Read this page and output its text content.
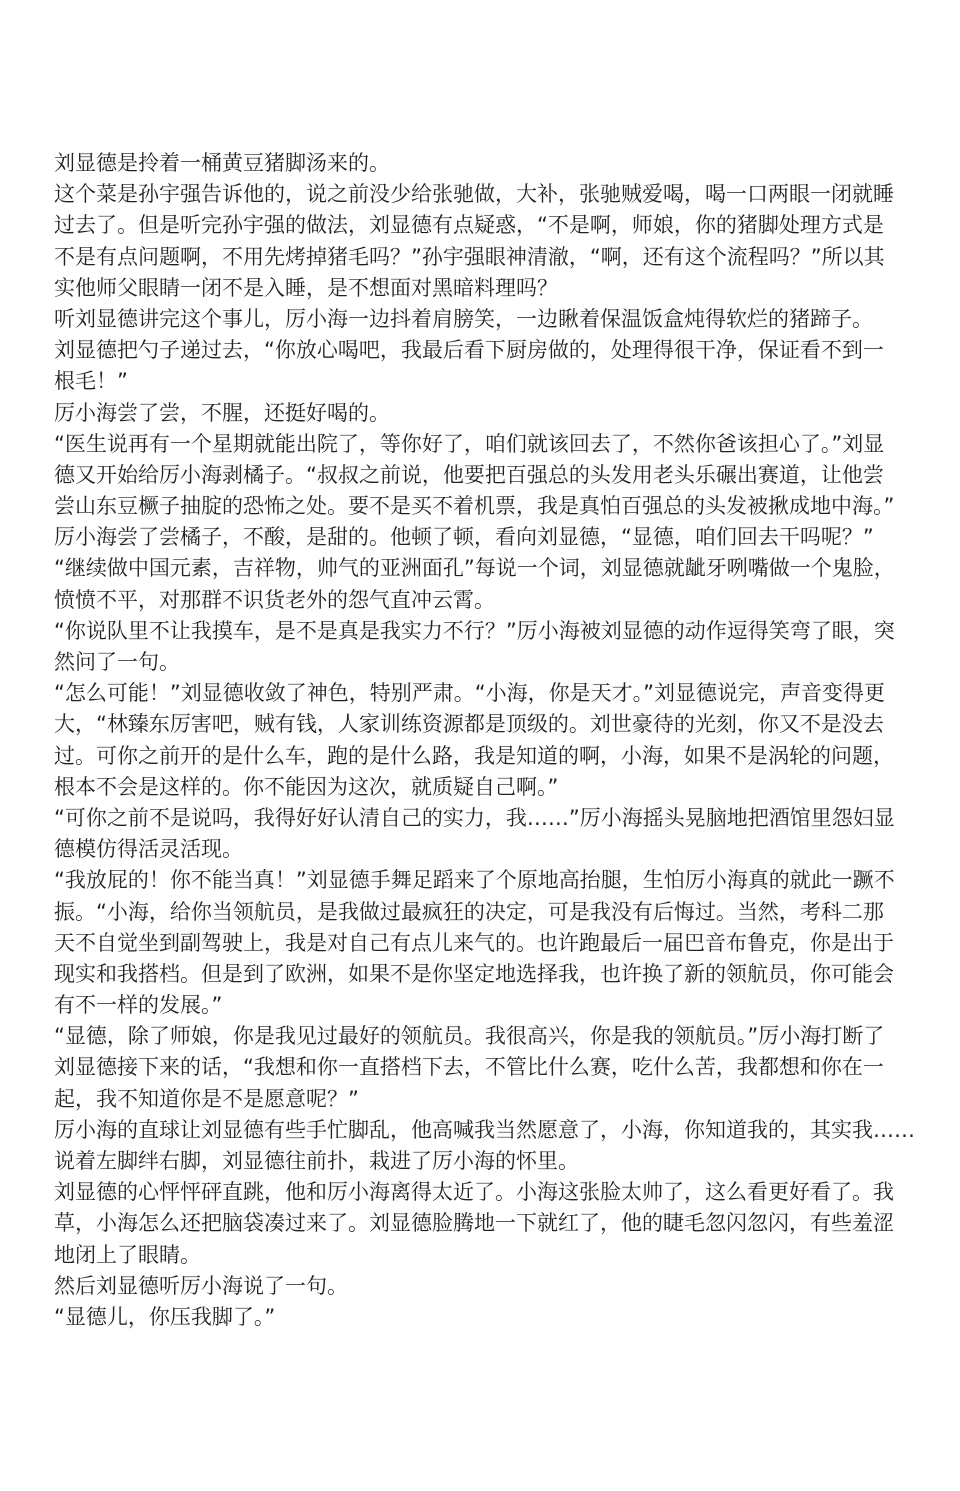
刘显德是拎着一桶黄豆猪脚汤来的。
这个菜是孙宇强告诉他的，说之前没少给张驰做，大补，张驰贼爱喝，喝一口两眼一闭就睡
过去了。但是听完孙宇强的做法，刘显德有点疑惑，“不是啊，师娘，你的猪脚处理方式是
不是有点问题啊，不用先烤掉猪毛吗？”孙宇强眼神清澈，“啊，还有这个流程吗？”所以其
实他师父眼睛一闭不是入睡，是不想面对黑暗料理吗？
听刘显德讲完这个事儿，厉小海一边抖着肩膀笑，一边瞅着保温饭盒炖得软烂的猪蹄子。
刘显德把勺子递过去，“你放心喝吧，我最后看下厨房做的，处理得很干净，保证看不到一
根毛！”
厉小海尝了尝，不腥，还挺好喝的。
“医生说再有一个星期就能出院了，等你好了，咱们就该回去了，不然你爸该担心了。”刘显
德又开始给厉小海剥橘子。“叔叔之前说，他要把百强总的头发用老头乐碾出赛道，让他尝
尝山东豆橛子抽腚的恐怖之处。要不是买不着机票，我是真怕百强总的头发被揪成地中海。”
厉小海尝了尝橘子，不酸，是甜的。他顿了顿，看向刘显德，“显德，咱们回去干吗呢？”
“继续做中国元素，吉祥物，帅气的亚洲面孔”每说一个词，刘显德就龇牙咧嘴做一个鬼脸，
愤愤不平，对那群不识货老外的怨气直冲云霄。
“你说队里不让我摸车，是不是真是我实力不行？”厉小海被刘显德的动作逗得笑弯了眼，突
然问了一句。
“怎么可能！”刘显德收敛了神色，特别严肃。“小海，你是天才。”刘显德说完，声音变得更
大，“林臻东厉害吧，贼有钱，人家训练资源都是顶级的。刘世豪待的光刻，你又不是没去
过。可你之前开的是什么车，跑的是什么路，我是知道的啊，小海，如果不是涡轮的问题，
根本不会是这样的。你不能因为这次，就质疑自己啊。”
“可你之前不是说吗，我得好好认清自己的实力，我……”厉小海摇头晃脑地把酒馆里怨妇显
德模仿得活灵活现。
“我放屁的！你不能当真！”刘显德手舞足蹈来了个原地高抬腿，生怕厉小海真的就此一蹶不
振。“小海，给你当领航员，是我做过最疯狂的决定，可是我没有后悔过。当然，考科二那
天不自觉坐到副驾驶上，我是对自己有点儿来气的。也许跑最后一届巴音布鲁克，你是出于
现实和我搭档。但是到了欧洲，如果不是你坚定地选择我，也许换了新的领航员，你可能会
有不一样的发展。”
“显德，除了师娘，你是我见过最好的领航员。我很高兴，你是我的领航员。”厉小海打断了
刘显德接下来的话，“我想和你一直搭档下去，不管比什么赛，吃什么苦，我都想和你在一
起，我不知道你是不是愿意呢？”
厉小海的直球让刘显德有些手忙脚乱，他高喊我当然愿意了，小海，你知道我的，其实我……
说着左脚绊右脚，刘显德往前扑，栽进了厉小海的怀里。
刘显德的心怦怦砰直跳，他和厉小海离得太近了。小海这张脸太帅了，这么看更好看了。我
草，小海怎么还把脑袋凑过来了。刘显德脸腾地一下就红了，他的睫毛忽闪忽闪，有些羞涩
地闭上了眼睛。
然后刘显德听厉小海说了一句。
“显德儿，你压我脚了。”
